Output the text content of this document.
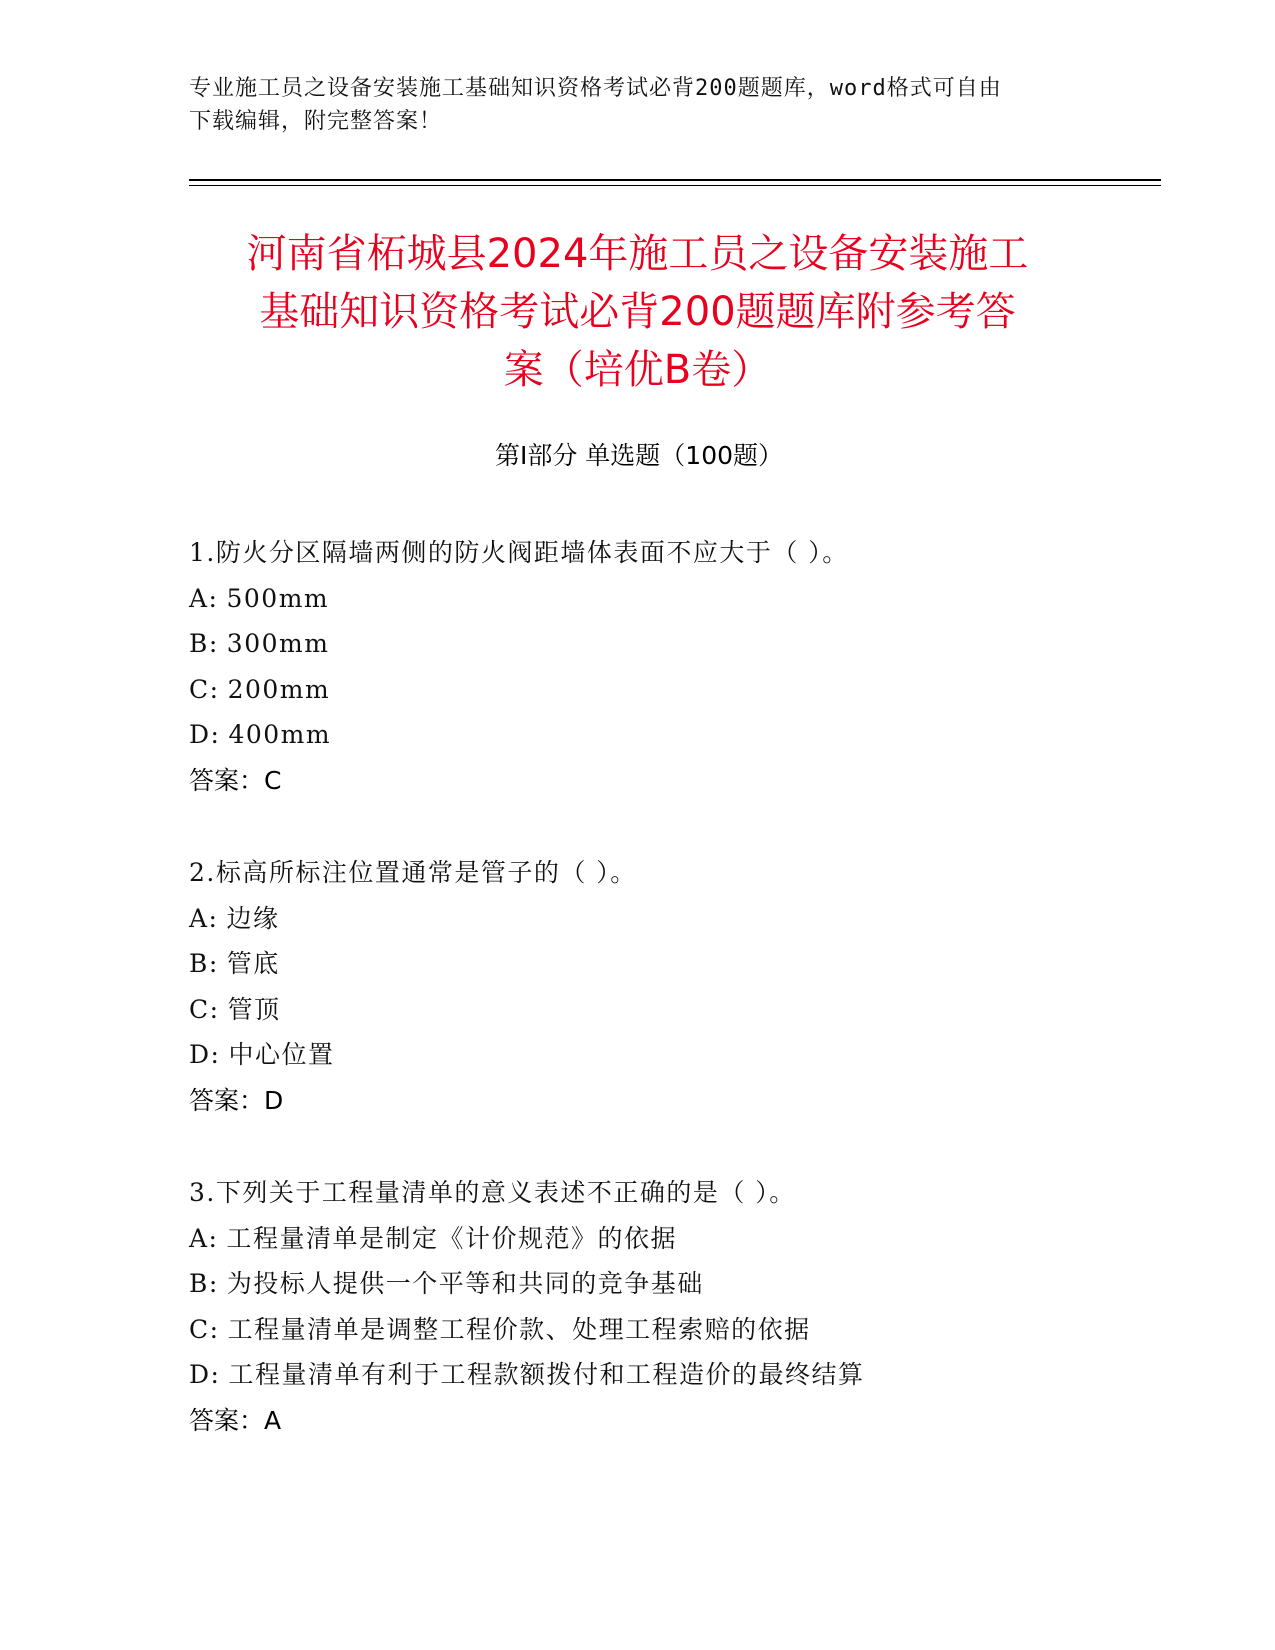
专业施工员之设备安装施工基础知识资格考试必背200题题库，word格式可自由
下载编辑，附完整答案！
河南省柘城县2024年施工员之设备安装施工
基础知识资格考试必背200题题库附参考答
案（培优B卷）
第Ⅰ部分 单选题（100题）
1.防火分区隔墙两侧的防火阀距墙体表面不应大于（ ）。
A: 500mm
B: 300mm
C: 200mm
D: 400mm
答案：C
2.标高所标注位置通常是管子的（ ）。
A: 边缘
B: 管底
C: 管顶
D: 中心位置
答案：D
3.下列关于工程量清单的意义表述不正确的是（ ）。
A: 工程量清单是制定《计价规范》的依据
B: 为投标人提供一个平等和共同的竞争基础
C: 工程量清单是调整工程价款、处理工程索赔的依据
D: 工程量清单有利于工程款额拨付和工程造价的最终结算
答案：A
